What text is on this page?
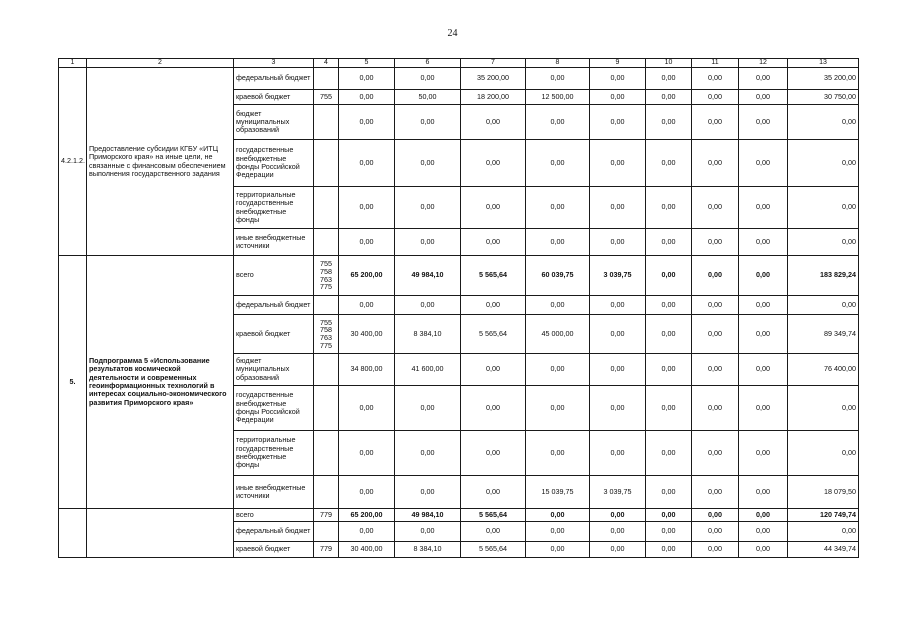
24
1	2	3	4	5	6	7	8	9	10	11	12	13
4.2.1.2.	Предоставление субсидии КГБУ «ИТЦ Приморского края» на иные цели, не связанные с финансовым обеспечением выполнения государственного задания	федеральный бюджет		0,00	0,00	35 200,00	0,00	0,00	0,00	0,00	0,00	35 200,00
		краевой бюджет	755	0,00	50,00	18 200,00	12 500,00	0,00	0,00	0,00	0,00	30 750,00
		бюджет муниципальных образований		0,00	0,00	0,00	0,00	0,00	0,00	0,00	0,00	0,00
		государственные внебюджетные фонды Российской Федерации		0,00	0,00	0,00	0,00	0,00	0,00	0,00	0,00	0,00
		территориальные государственные внебюджетные фонды		0,00	0,00	0,00	0,00	0,00	0,00	0,00	0,00	0,00
		иные внебюджетные источники		0,00	0,00	0,00	0,00	0,00	0,00	0,00	0,00	0,00
5.	Подпрограмма 5 «Использование результатов космической деятельности и современных геоинформационных технологий в интересах социально-экономического развития Приморского края»	всего	755
758
763
775	65 200,00	49 984,10	5 565,64	60 039,75	3 039,75	0,00	0,00	0,00	183 829,24
		федеральный бюджет		0,00	0,00	0,00	0,00	0,00	0,00	0,00	0,00	0,00
		краевой бюджет	755
758
763
775	30 400,00	8 384,10	5 565,64	45 000,00	0,00	0,00	0,00	0,00	89 349,74
		бюджет муниципальных образований		34 800,00	41 600,00	0,00	0,00	0,00	0,00	0,00	0,00	76 400,00
		государственные внебюджетные фонды Российской Федерации		0,00	0,00	0,00	0,00	0,00	0,00	0,00	0,00	0,00
		территориальные государственные внебюджетные фонды		0,00	0,00	0,00	0,00	0,00	0,00	0,00	0,00	0,00
		иные внебюджетные источники		0,00	0,00	0,00	15 039,75	3 039,75	0,00	0,00	0,00	18 079,50
		всего	779	65 200,00	49 984,10	5 565,64	0,00	0,00	0,00	0,00	0,00	120 749,74
		федеральный бюджет		0,00	0,00	0,00	0,00	0,00	0,00	0,00	0,00	0,00
		краевой бюджет	779	30 400,00	8 384,10	5 565,64	0,00	0,00	0,00	0,00	0,00	44 349,74
